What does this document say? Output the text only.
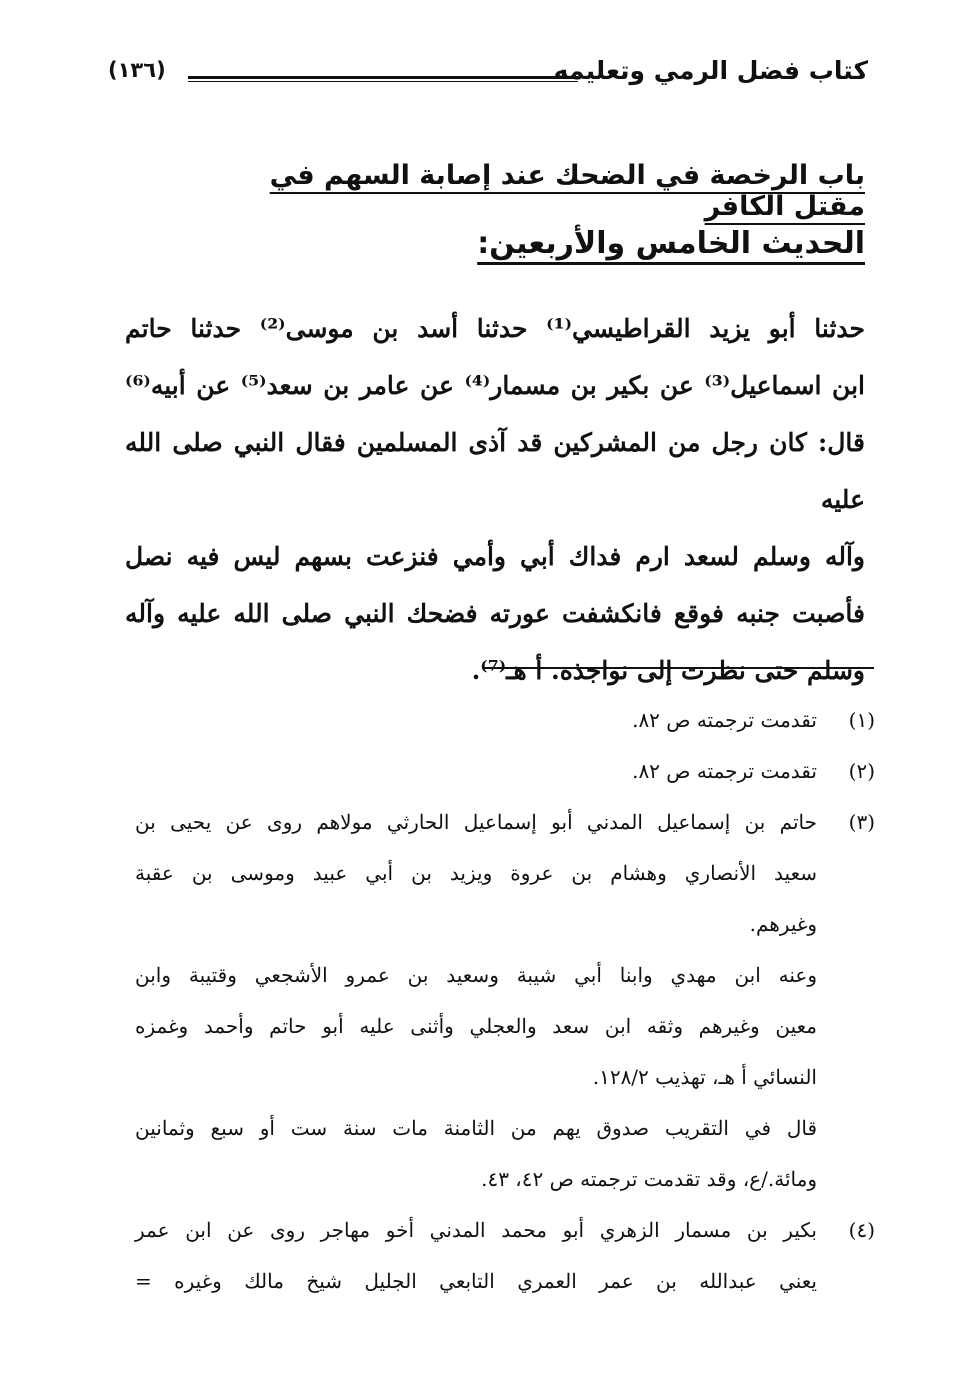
كتاب فضل الرمي وتعليمه
(١٣٦)
باب الرخصة في الضحك عند إصابة السهم في مقتل الكافر
الحديث الخامس والأربعين:
حدثنا أبو يزيد القراطيسي⁽¹⁾ حدثنا أسد بن موسى⁽²⁾ حدثنا حاتم
ابن اسماعيل⁽³⁾ عن بكير بن مسمار⁽⁴⁾ عن عامر بن سعد⁽⁵⁾ عن أبيه⁽⁶⁾
قال: كان رجل من المشركين قد آذى المسلمين فقال النبي صلى الله عليه
وآله وسلم لسعد ارم فداك أبي وأمي فنزعت بسهم ليس فيه نصل
فأصبت جنبه فوقع فانكشفت عورته فضحك النبي صلى الله عليه وآله
وسلم حتى نظرت إلى نواجذه. أ هـ⁽⁷⁾.
(١)
تقدمت ترجمته ص ٨٢.
(٢)
تقدمت ترجمته ص ٨٢.
(٣)
حاتم بن إسماعيل المدني أبو إسماعيل الحارثي مولاهم روى عن يحيى بن
سعيد الأنصاري وهشام بن عروة ويزيد بن أبي عبيد وموسى بن عقبة
وغيرهم.
وعنه ابن مهدي وابنا أبي شيبة وسعيد بن عمرو الأشجعي وقتيبة وابن
معين وغيرهم وثقه ابن سعد والعجلي وأثنى عليه أبو حاتم وأحمد وغمزه
النسائي أ هـ، تهذيب ١٢٨/٢.
قال في التقريب صدوق يهم من الثامنة مات سنة ست أو سبع وثمانين
ومائة./ع، وقد تقدمت ترجمته ص ٤٢، ٤٣.
(٤)
بكير بن مسمار الزهري أبو محمد المدني أخو مهاجر روى عن ابن عمر
يعني عبدالله بن عمر العمري التابعي الجليل شيخ مالك وغيره =
